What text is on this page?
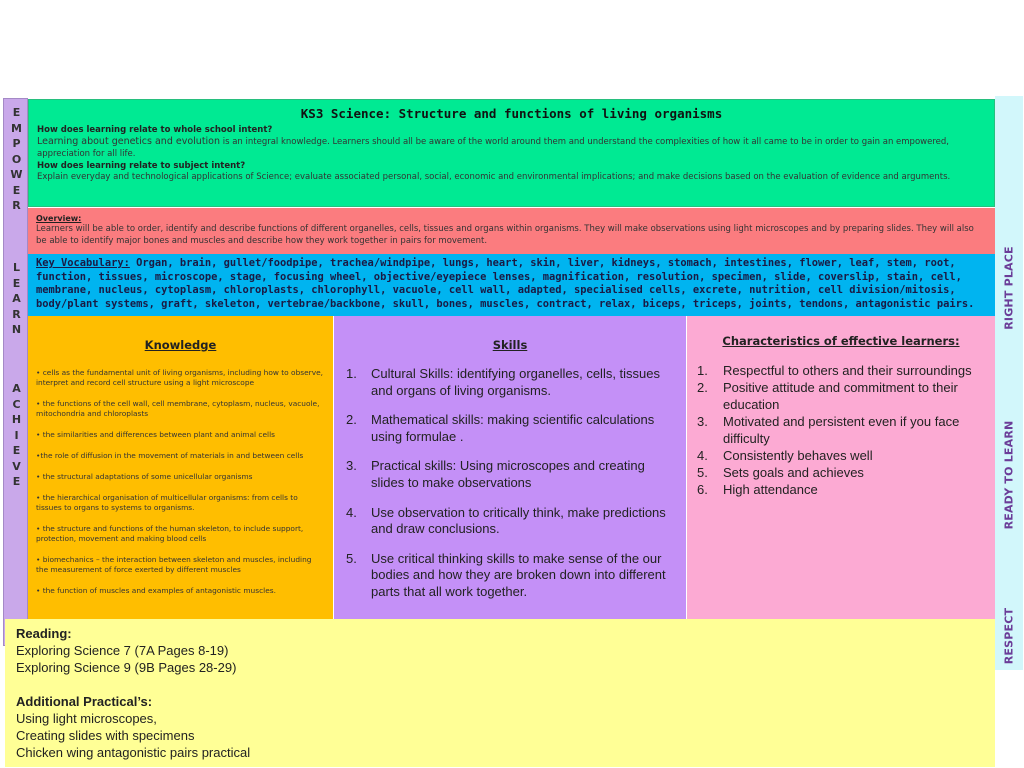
E
M
P
O
W
E
R
L
E
A
R
N
A
C
H
I
E
V
E
RIGHT PLACE
READY TO LEARN
RESPECT
KS3 Science: Structure and functions of living organisms
How does learning relate to whole school intent?
Learning about genetics and evolution is an integral knowledge. Learners should all be aware of the world around them and understand the complexities of how it all came to be in order to gain an empowered, appreciation for all life.
How does learning relate to subject intent?
Explain everyday and technological applications of Science; evaluate associated personal, social, economic and environmental implications; and make decisions based on the evaluation of evidence and arguments.
Overview:
Learners will be able to order, identify and describe functions of different organelles, cells, tissues and organs within organisms. They will make observations using light microscopes and by preparing slides. They will also be able to identify major bones and muscles and describe how they work together in pairs for movement.
Key Vocabulary: Organ, brain, gullet/foodpipe, trachea/windpipe, lungs, heart, skin, liver, kidneys, stomach, intestines, flower, leaf, stem, root, function, tissues, microscope, stage, focusing wheel, objective/eyepiece lenses, magnification, resolution, specimen, slide, coverslip, stain, cell, membrane, nucleus, cytoplasm, chloroplasts, chlorophyll, vacuole, cell wall, adapted, specialised cells, excrete, nutrition, cell division/mitosis, body/plant systems, graft, skeleton, vertebrae/backbone, skull, bones, muscles, contract, relax, biceps, triceps, joints, tendons, antagonistic pairs.
Knowledge
• cells as the fundamental unit of living organisms, including how to observe, interpret and record cell structure using a light microscope
• the functions of the cell wall, cell membrane, cytoplasm, nucleus, vacuole, mitochondria and chloroplasts
• the similarities and differences between plant and animal cells
•the role of diffusion in the movement of materials in and between cells
• the structural adaptations of some unicellular organisms
• the hierarchical organisation of multicellular organisms: from cells to tissues to organs to systems to organisms.
• the structure and functions of the human skeleton, to include support, protection, movement and making blood cells
• biomechanics – the interaction between skeleton and muscles, including the measurement of force exerted by different muscles
• the function of muscles and examples of antagonistic muscles.
Skills
1. Cultural Skills: identifying organelles, cells, tissues and organs of living organisms.
2. Mathematical skills: making scientific calculations using formulae .
3. Practical skills: Using microscopes and creating slides to make observations
4. Use observation to critically think, make predictions and draw conclusions.
5. Use critical thinking skills to make sense of the our bodies and how they are broken down into different parts that all work together.
Characteristics of effective learners:
1. Respectful to others and their surroundings
2. Positive attitude and commitment to their education
3. Motivated and persistent even if you face difficulty
4. Consistently behaves well
5. Sets goals and achieves
6. High attendance
Reading:
Exploring Science 7 (7A Pages 8-19)
Exploring Science 9 (9B Pages 28-29)
Additional Practical’s:
Using light microscopes,
Creating slides with specimens
Chicken wing antagonistic pairs practical
